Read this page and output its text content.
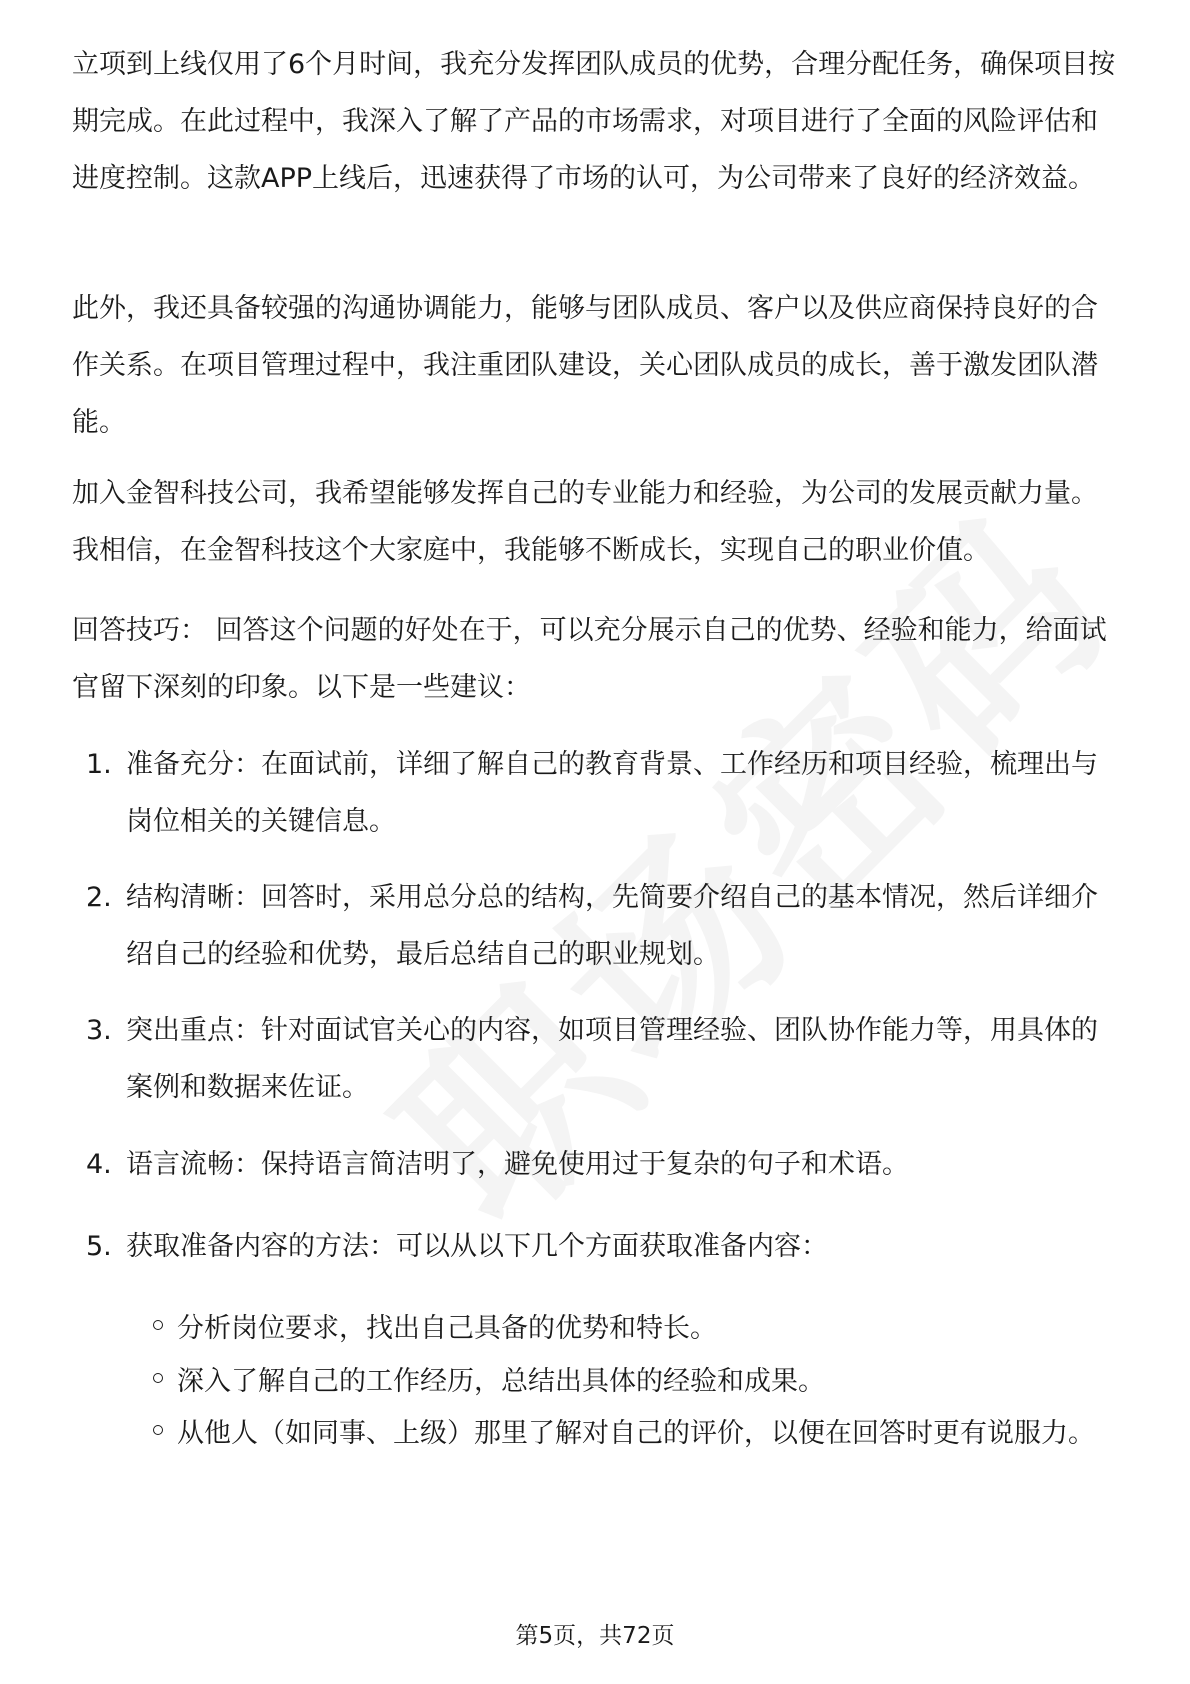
立项到上线仅用了6个月时间，我充分发挥团队成员的优势，合理分配任务，确保项目按期完成。在此过程中，我深入了解了产品的市场需求，对项目进行了全面的风险评估和进度控制。这款APP上线后，迅速获得了市场的认可，为公司带来了良好的经济效益。

此外，我还具备较强的沟通协调能力，能够与团队成员、客户以及供应商保持良好的合作关系。在项目管理过程中，我注重团队建设，关心团队成员的成长，善于激发团队潜能。

加入金智科技公司，我希望能够发挥自己的专业能力和经验，为公司的发展贡献力量。我相信，在金智科技这个大家庭中，我能够不断成长，实现自己的职业价值。

回答技巧： 回答这个问题的好处在于，可以充分展示自己的优势、经验和能力，给面试官留下深刻的印象。以下是一些建议：

1. 准备充分：在面试前，详细了解自己的教育背景、工作经历和项目经验，梳理出与岗位相关的关键信息。

2. 结构清晰：回答时，采用总分总的结构，先简要介绍自己的基本情况，然后详细介绍自己的经验和优势，最后总结自己的职业规划。

3. 突出重点：针对面试官关心的内容，如项目管理经验、团队协作能力等，用具体的案例和数据来佐证。

4. 语言流畅：保持语言简洁明了，避免使用过于复杂的句子和术语。

5. 获取准备内容的方法：可以从以下几个方面获取准备内容：

分析岗位要求，找出自己具备的优势和特长。

深入了解自己的工作经历，总结出具体的经验和成果。

从他人（如同事、上级）那里了解对自己的评价，以便在回答时更有说服力。

第5页，共72页
